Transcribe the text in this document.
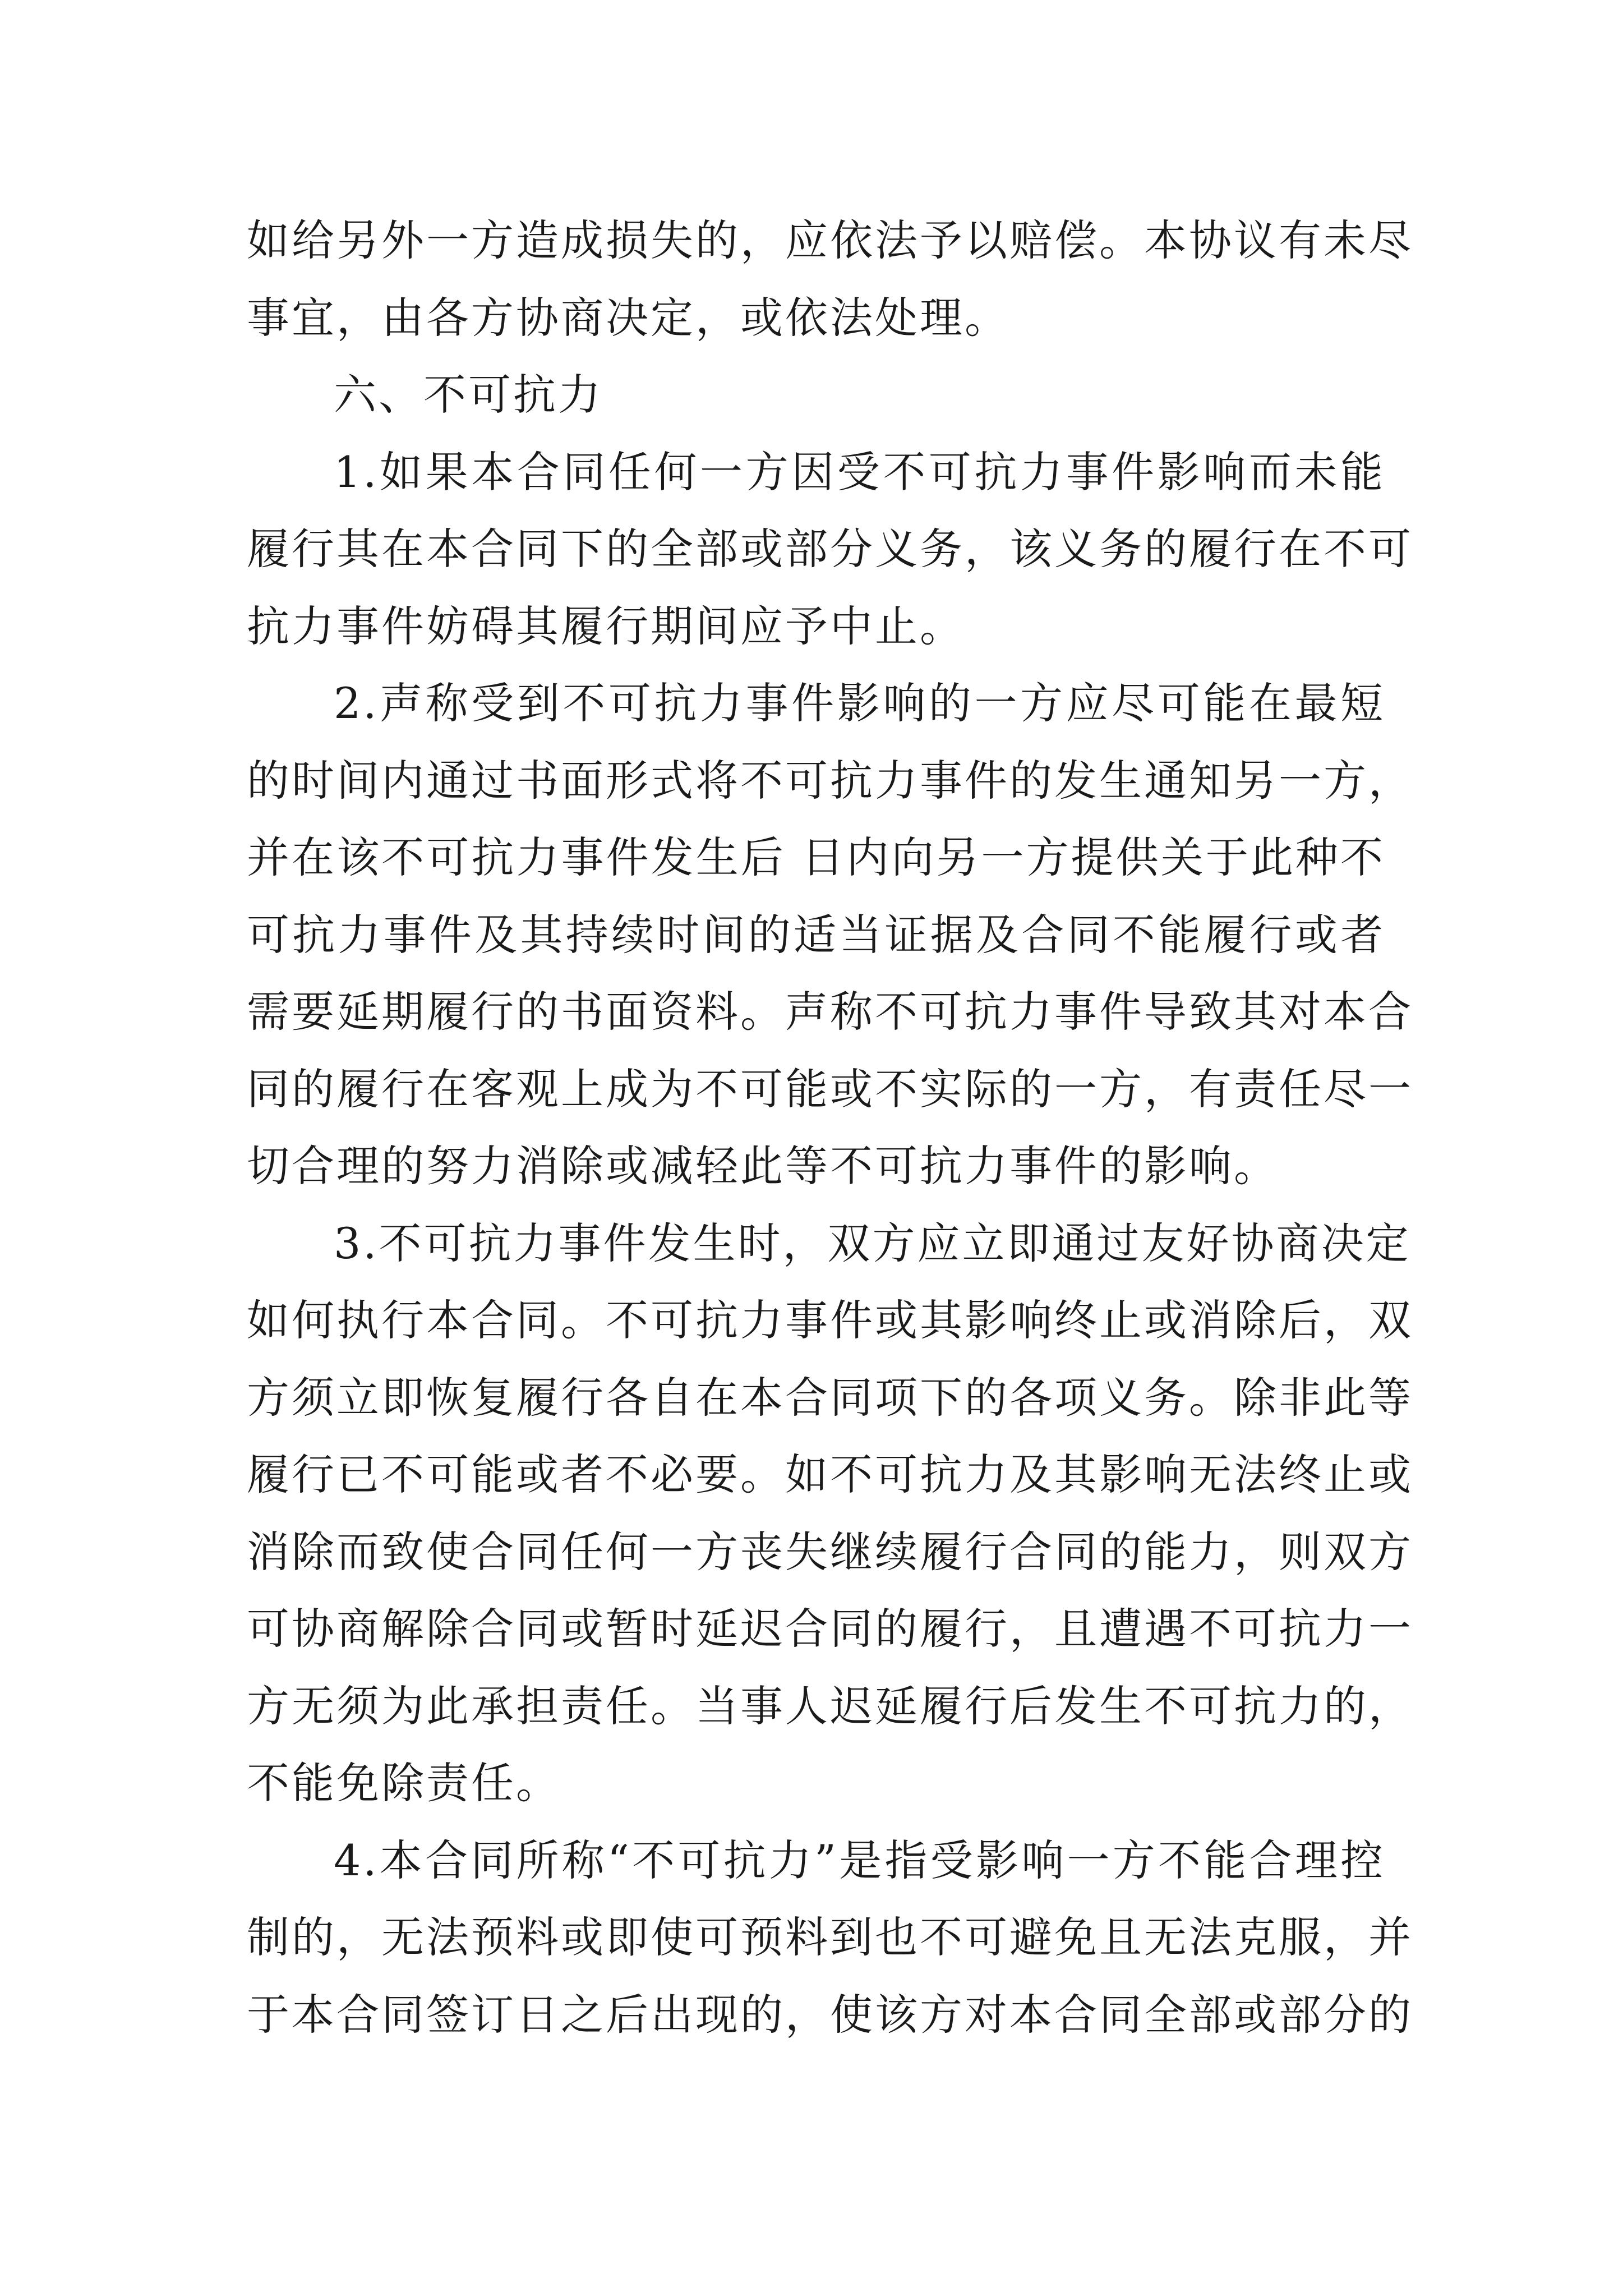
如给另外一方造成损失的，应依法予以赔偿。本协议有未尽
事宜，由各方协商决定，或依法处理。
六、不可抗力
1.如果本合同任何一方因受不可抗力事件影响而未能
履行其在本合同下的全部或部分义务，该义务的履行在不可
抗力事件妨碍其履行期间应予中止。
2.声称受到不可抗力事件影响的一方应尽可能在最短
的时间内通过书面形式将不可抗力事件的发生通知另一方，
并在该不可抗力事件发生后 日内向另一方提供关于此种不
可抗力事件及其持续时间的适当证据及合同不能履行或者
需要延期履行的书面资料。声称不可抗力事件导致其对本合
同的履行在客观上成为不可能或不实际的一方，有责任尽一
切合理的努力消除或减轻此等不可抗力事件的影响。
3.不可抗力事件发生时，双方应立即通过友好协商决定
如何执行本合同。不可抗力事件或其影响终止或消除后，双
方须立即恢复履行各自在本合同项下的各项义务。除非此等
履行已不可能或者不必要。如不可抗力及其影响无法终止或
消除而致使合同任何一方丧失继续履行合同的能力，则双方
可协商解除合同或暂时延迟合同的履行，且遭遇不可抗力一
方无须为此承担责任。当事人迟延履行后发生不可抗力的，
不能免除责任。
4.本合同所称“不可抗力”是指受影响一方不能合理控
制的，无法预料或即使可预料到也不可避免且无法克服，并
于本合同签订日之后出现的，使该方对本合同全部或部分的
